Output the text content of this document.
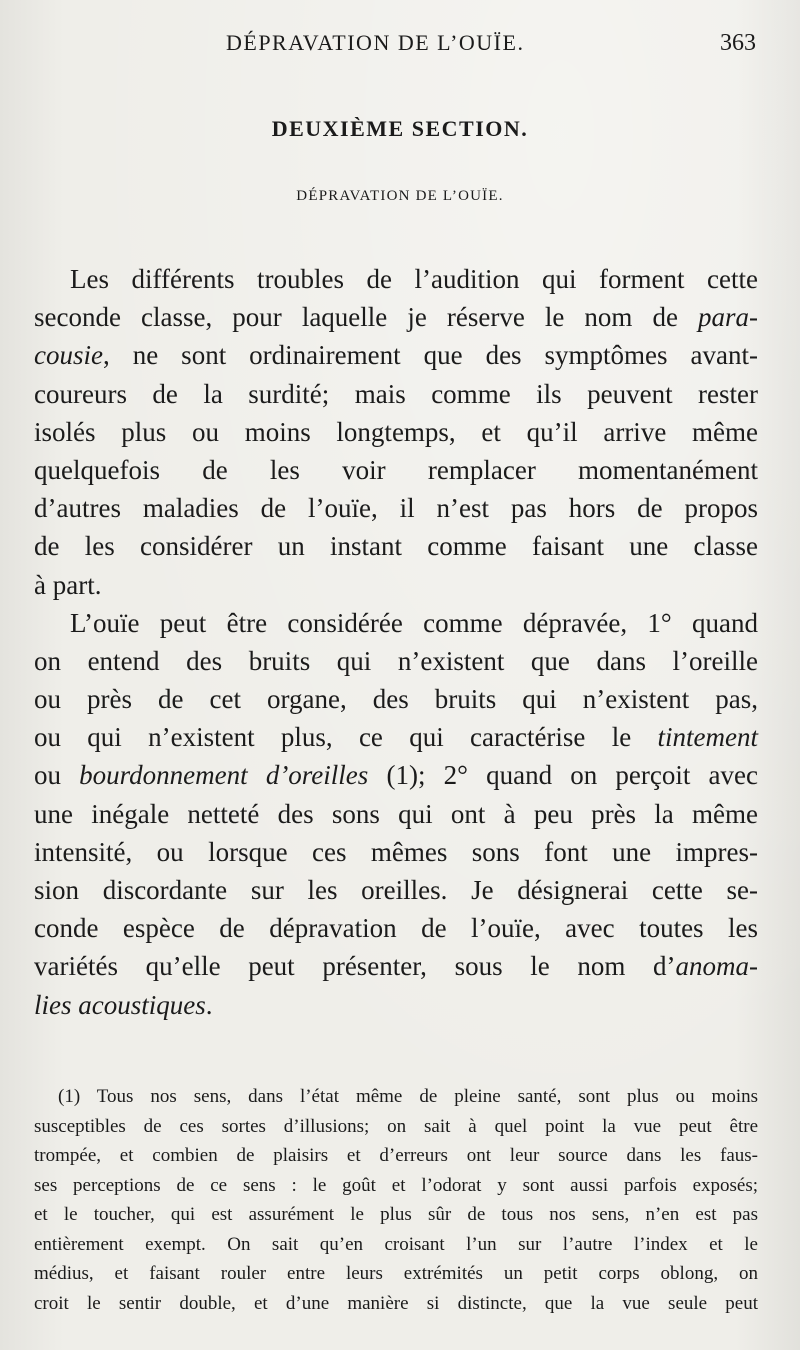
DÉPRAVATION DE L’OUÏE.	363
DEUXIÈME SECTION.
DÉPRAVATION DE L’OUÏE.
Les différents troubles de l’audition qui forment cette
seconde classe, pour laquelle je réserve le nom de para-
cousie, ne sont ordinairement que des symptômes avant-
coureurs de la surdité; mais comme ils peuvent rester
isolés plus ou moins longtemps, et qu’il arrive même
quelquefois de les voir remplacer momentanément
d’autres maladies de l’ouïe, il n’est pas hors de propos
de les considérer un instant comme faisant une classe
à part.
L’ouïe peut être considérée comme dépravée, 1° quand
on entend des bruits qui n’existent que dans l’oreille
ou près de cet organe, des bruits qui n’existent pas,
ou qui n’existent plus, ce qui caractérise le tintement
ou bourdonnement d’oreilles (1); 2° quand on perçoit avec
une inégale netteté des sons qui ont à peu près la même
intensité, ou lorsque ces mêmes sons font une impres-
sion discordante sur les oreilles. Je désignerai cette se-
conde espèce de dépravation de l’ouïe, avec toutes les
variétés qu’elle peut présenter, sous le nom d’anoma-
lies acoustiques.
(1) Tous nos sens, dans l’état même de pleine santé, sont plus ou moins
susceptibles de ces sortes d’illusions; on sait à quel point la vue peut être
trompée, et combien de plaisirs et d’erreurs ont leur source dans les faus-
ses perceptions de ce sens : le goût et l’odorat y sont aussi parfois exposés;
et le toucher, qui est assurément le plus sûr de tous nos sens, n’en est pas
entièrement exempt. On sait qu’en croisant l’un sur l’autre l’index et le
médius, et faisant rouler entre leurs extrémités un petit corps oblong, on
croit le sentir double, et d’une manière si distincte, que la vue seule peut
